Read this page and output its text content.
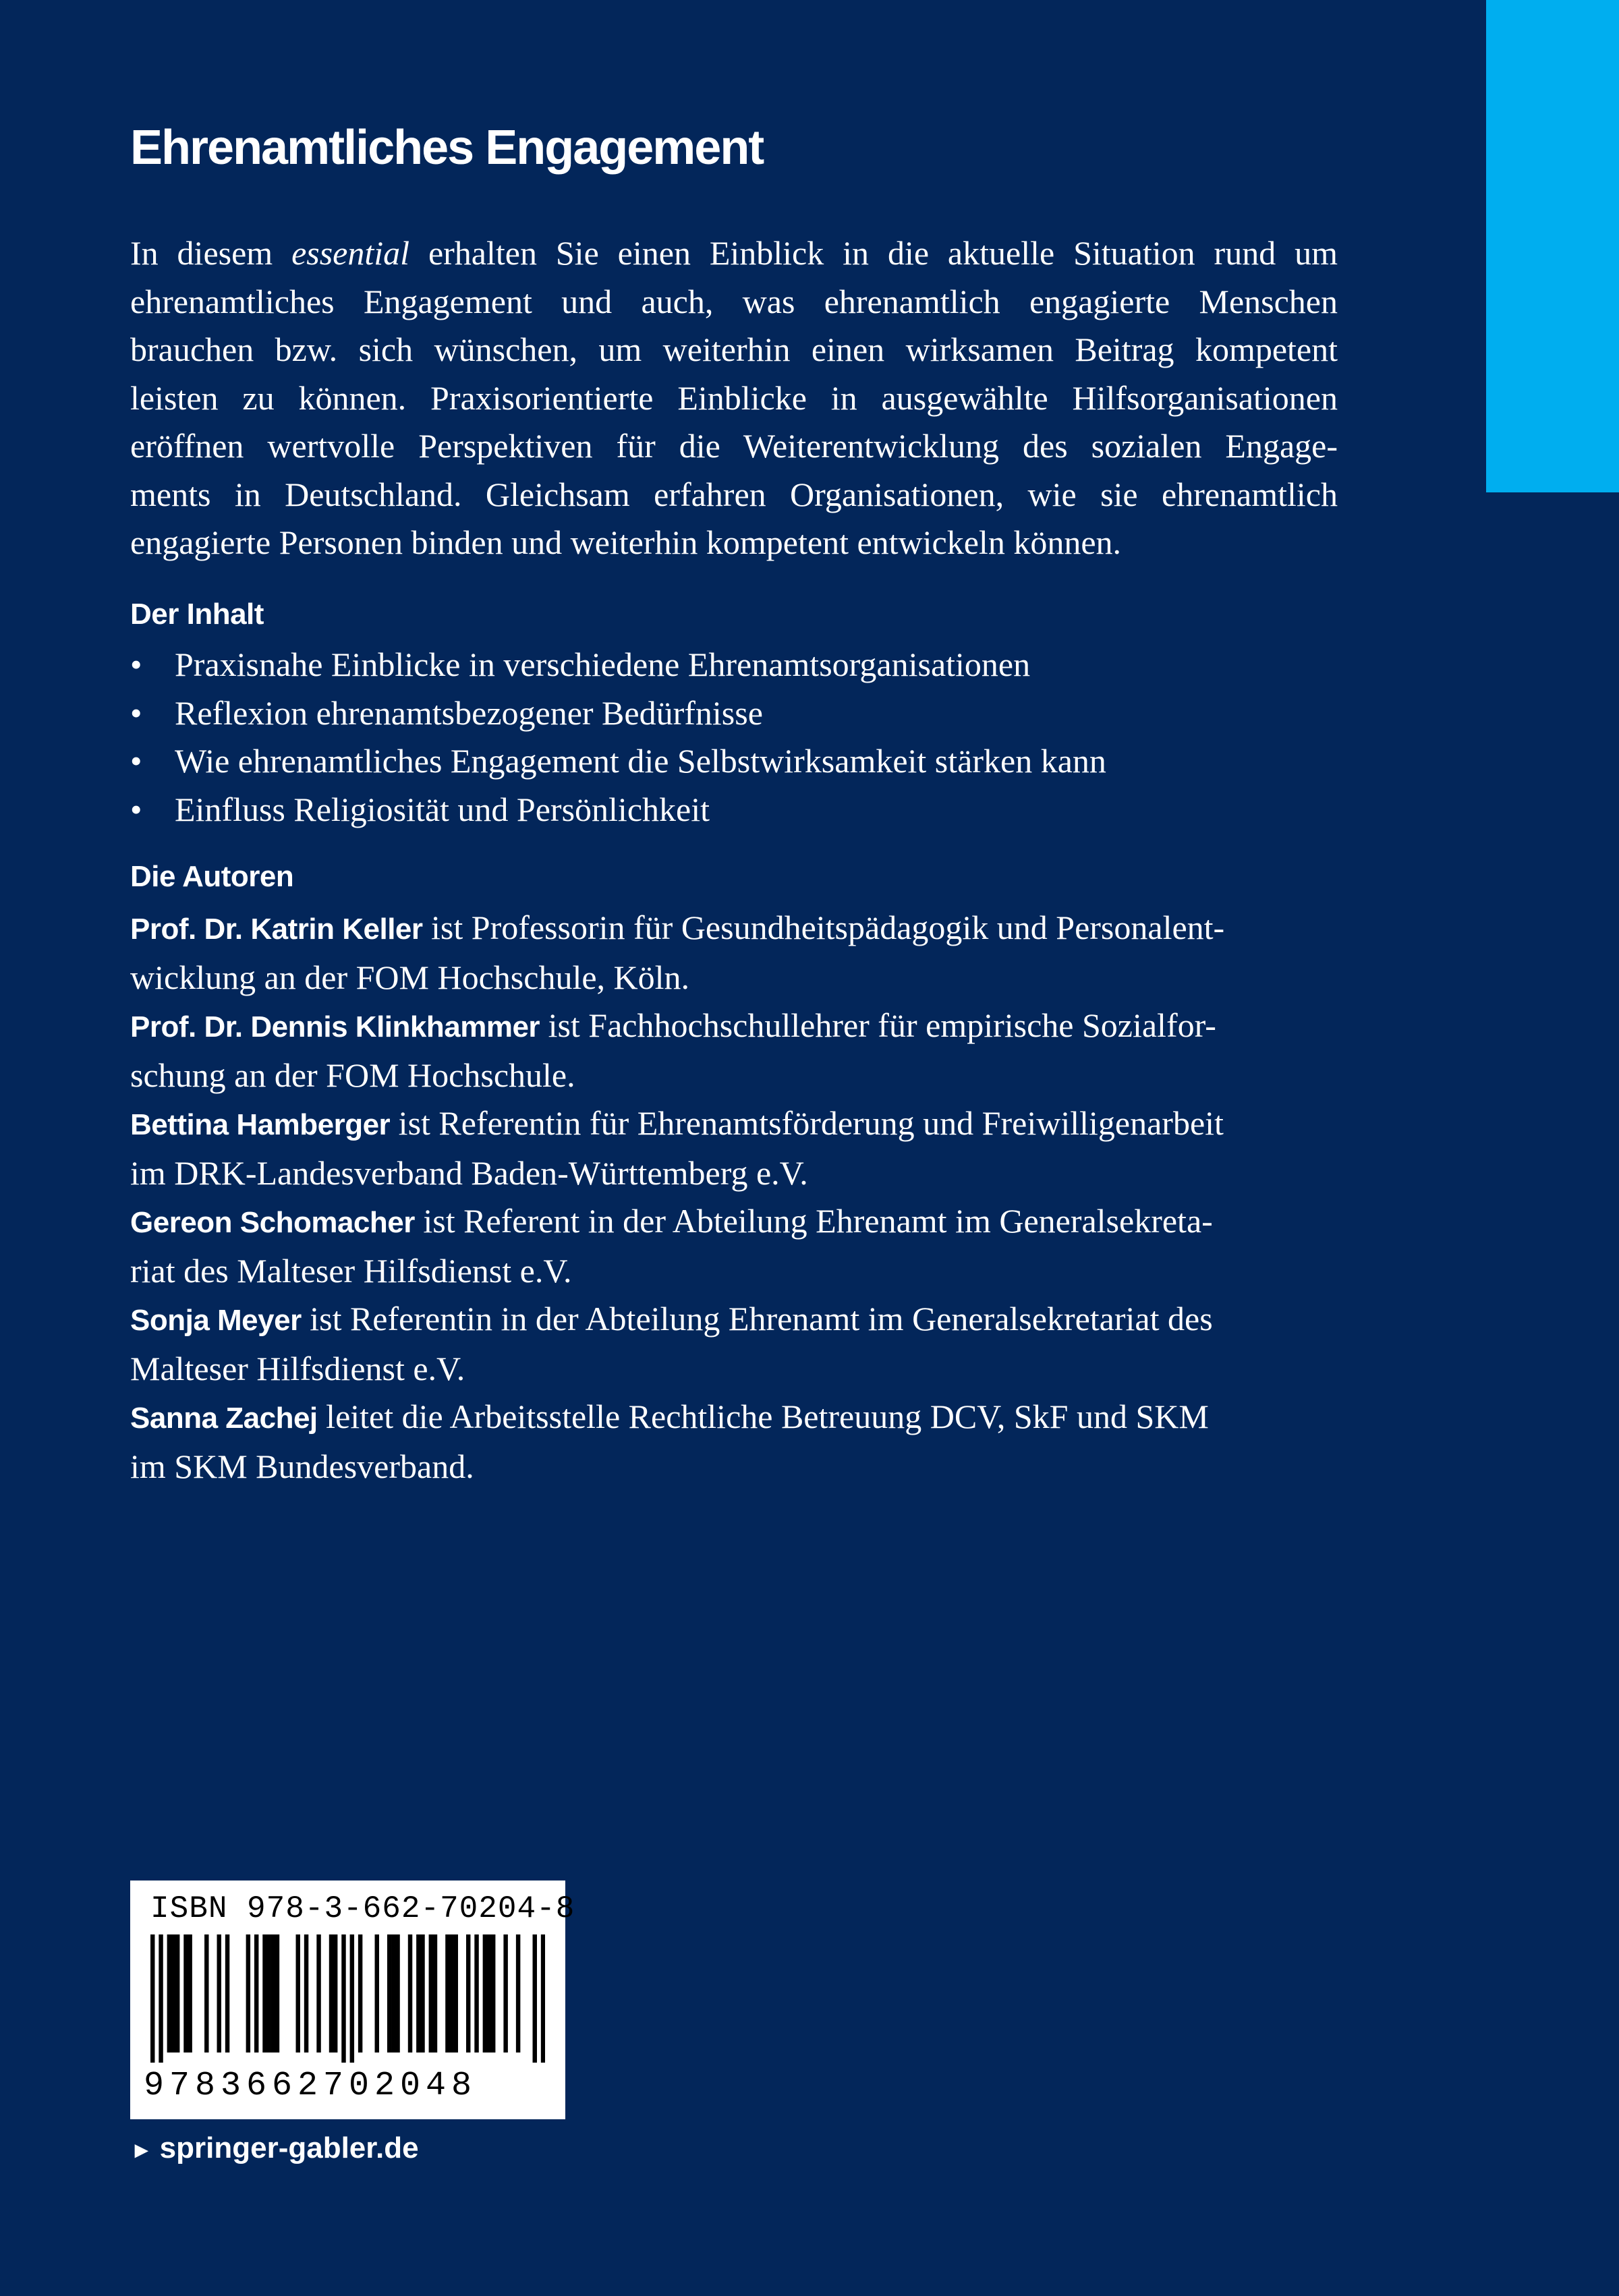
Ehrenamtliches Engagement
In diesem essential erhalten Sie einen Einblick in die aktuelle Situation rund um
ehrenamtliches Engagement und auch, was ehrenamtlich engagierte Menschen
brauchen bzw. sich wünschen, um weiterhin einen wirksamen Beitrag kompetent
leisten zu können. Praxisorientierte Einblicke in ausgewählte Hilfsorganisationen
eröffnen wertvolle Perspektiven für die Weiterentwicklung des sozialen Engage-
ments in Deutschland. Gleichsam erfahren Organisationen, wie sie ehrenamtlich
engagierte Personen binden und weiterhin kompetent entwickeln können.
Der Inhalt
• Praxisnahe Einblicke in verschiedene Ehrenamtsorganisationen
• Reflexion ehrenamtsbezogener Bedürfnisse
• Wie ehrenamtliches Engagement die Selbstwirksamkeit stärken kann
• Einfluss Religiosität und Persönlichkeit
Die Autoren
Prof. Dr. Katrin Keller ist Professorin für Gesundheitspädagogik und Personalent-
wicklung an der FOM Hochschule, Köln.
Prof. Dr. Dennis Klinkhammer ist Fachhochschullehrer für empirische Sozialfor-
schung an der FOM Hochschule.
Bettina Hamberger ist Referentin für Ehrenamtsförderung und Freiwilligenarbeit
im DRK-Landesverband Baden-Württemberg e.V.
Gereon Schomacher ist Referent in der Abteilung Ehrenamt im Generalsekreta-
riat des Malteser Hilfsdienst e.V.
Sonja Meyer ist Referentin in der Abteilung Ehrenamt im Generalsekretariat des
Malteser Hilfsdienst e.V.
Sanna Zachej leitet die Arbeitsstelle Rechtliche Betreuung DCV, SkF und SKM
im SKM Bundesverband.
ISBN 978-3-662-70204-8
9783662702048
► springer-gabler.de
